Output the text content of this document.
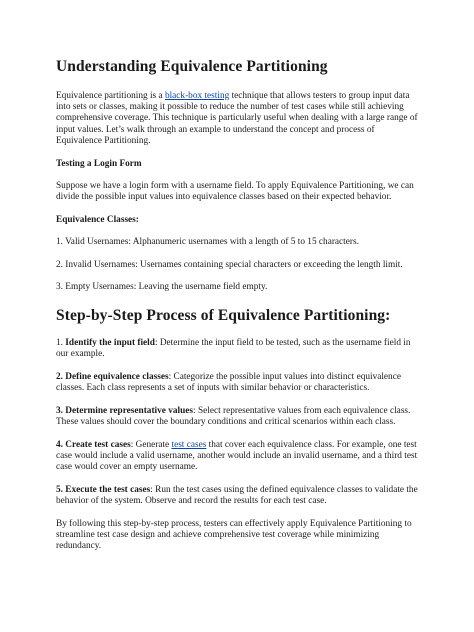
Understanding Equivalence Partitioning

Equivalence partitioning is a black-box testing technique that allows testers to group input data into sets or classes, making it possible to reduce the number of test cases while still achieving comprehensive coverage. This technique is particularly useful when dealing with a large range of input values. Let’s walk through an example to understand the concept and process of Equivalence Partitioning.

Testing a Login Form

Suppose we have a login form with a username field. To apply Equivalence Partitioning, we can divide the possible input values into equivalence classes based on their expected behavior.

Equivalence Classes:

1. Valid Usernames: Alphanumeric usernames with a length of 5 to 15 characters.

2. Invalid Usernames: Usernames containing special characters or exceeding the length limit.

3. Empty Usernames: Leaving the username field empty.

Step-by-Step Process of Equivalence Partitioning:

1. Identify the input field: Determine the input field to be tested, such as the username field in our example.

2. Define equivalence classes: Categorize the possible input values into distinct equivalence classes. Each class represents a set of inputs with similar behavior or characteristics.

3. Determine representative values: Select representative values from each equivalence class. These values should cover the boundary conditions and critical scenarios within each class.

4. Create test cases: Generate test cases that cover each equivalence class. For example, one test case would include a valid username, another would include an invalid username, and a third test case would cover an empty username.

5. Execute the test cases: Run the test cases using the defined equivalence classes to validate the behavior of the system. Observe and record the results for each test case.

By following this step-by-step process, testers can effectively apply Equivalence Partitioning to streamline test case design and achieve comprehensive test coverage while minimizing redundancy.
